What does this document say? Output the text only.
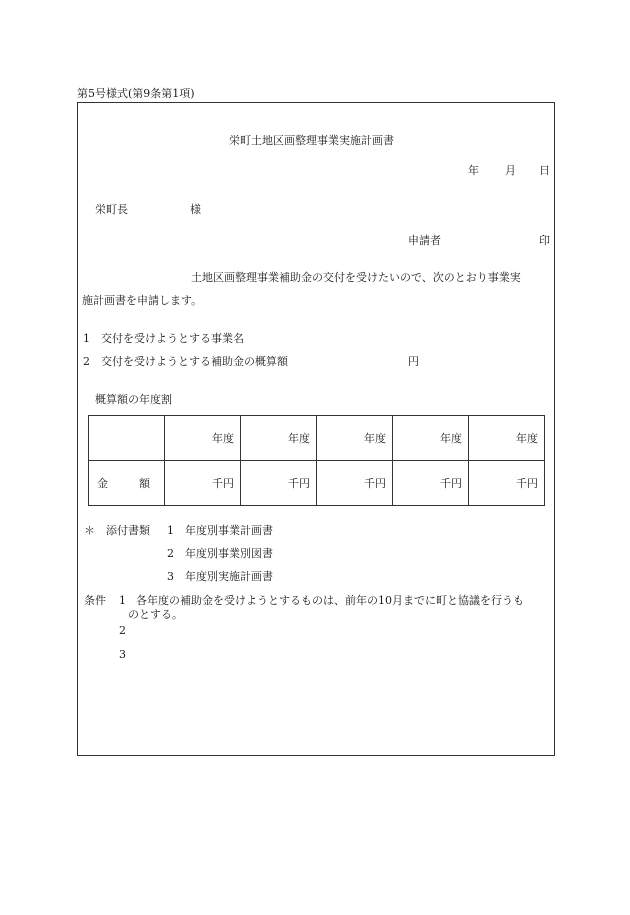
第5号様式(第9条第1項)
栄町土地区画整理事業実施計画書
年 月 日
栄町長	様
申請者	印
土地区画整理事業補助金の交付を受けたいので、次のとおり事業実
施計画書を申請します。
1 交付を受けようとする事業名
2 交付を受けようとする補助金の概算額	円
概算額の年度割
	年度	年度	年度	年度	年度

金 額	千円	千円	千円	千円	千円
＊ 添付書類 1 年度別事業計画書
2 年度別事業別図書
3 年度別実施計画書
条件 1 各年度の補助金を受けようとするものは、前年の10月までに町と協議を行うも
のとする。
2
3
